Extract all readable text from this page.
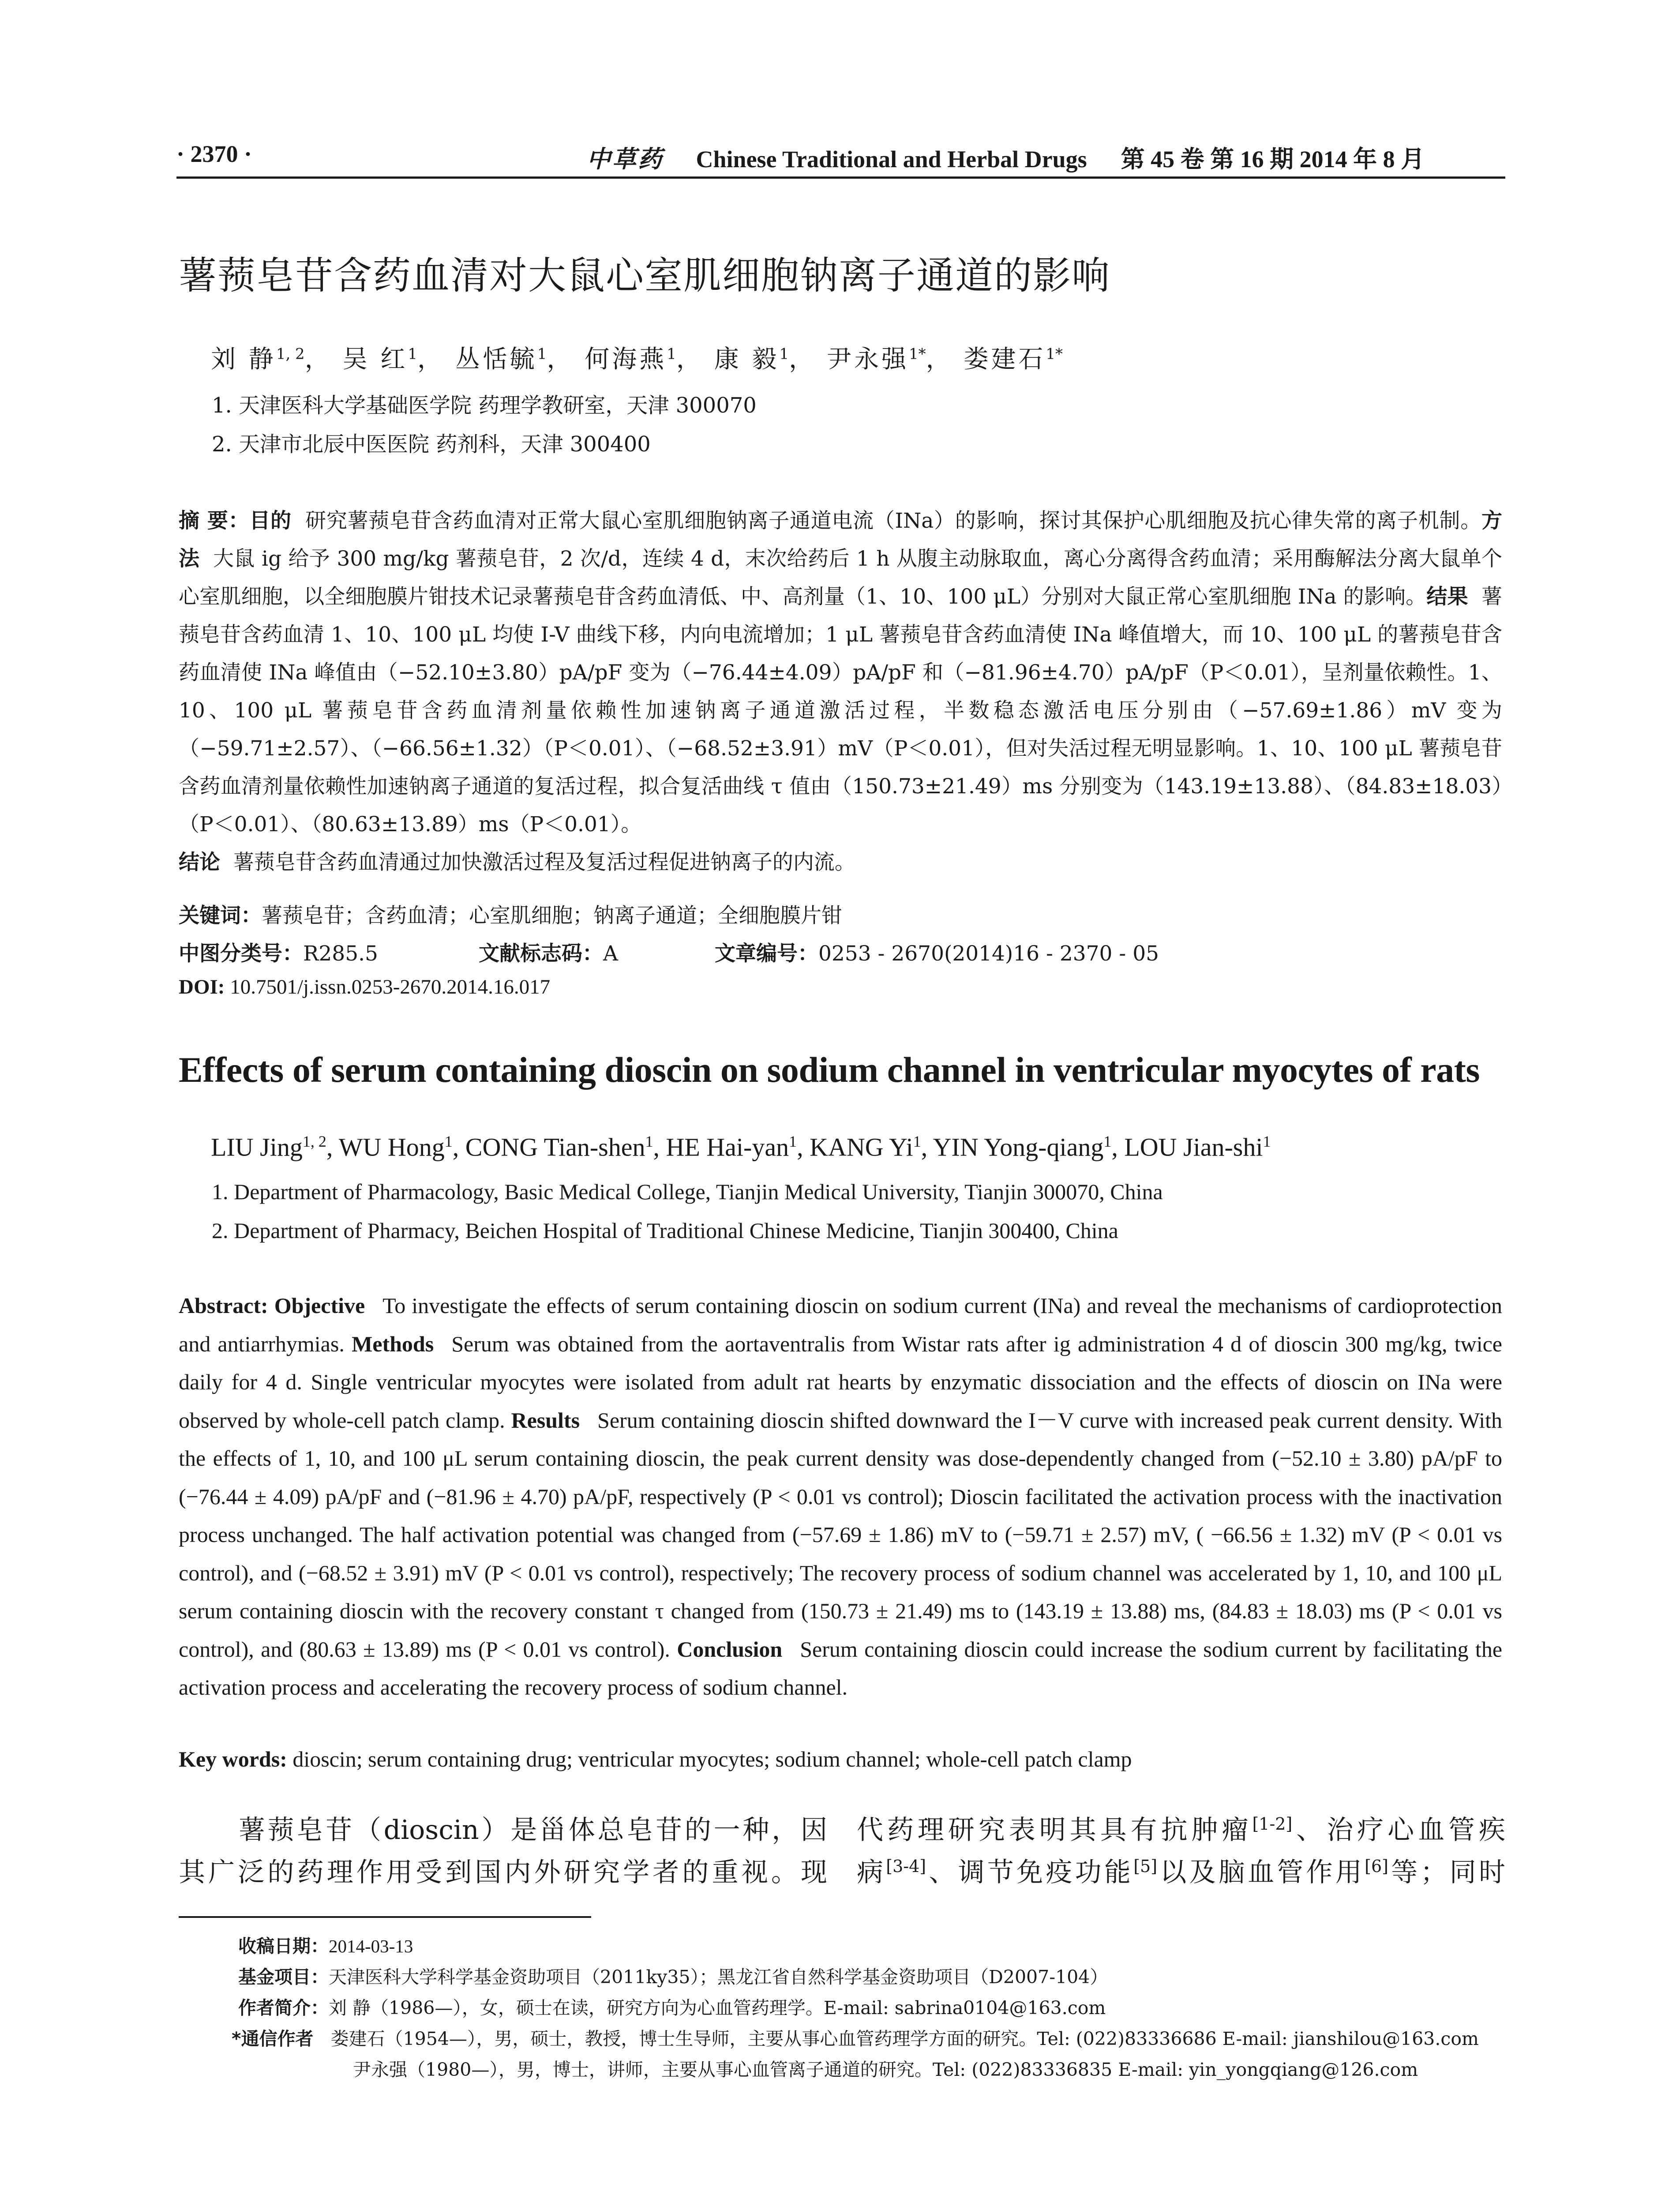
· 2370 ·	中草药 Chinese Traditional and Herbal Drugs 第 45 卷 第 16 期 2014 年 8 月
薯蓣皂苷含药血清对大鼠心室肌细胞钠离子通道的影响
刘 静$^{1, 2}$， 吴 红$^1$， 丛恬毓$^1$， 何海燕$^1$， 康 毅$^1$， 尹永强$^{1*}$， 娄建石$^{1*}$
1. 天津医科大学基础医学院 药理学教研室，天津 300070
2. 天津市北辰中医医院 药剂科，天津 300400
摘 要：目的 研究薯蓣皂苷含药血清对正常大鼠心室肌细胞钠离子通道电流（INa）的影响，探讨其保护心肌细胞及抗心律失常的离子机制。方法 大鼠 ig 给予 300 mg/kg 薯蓣皂苷，2 次/d，连续 4 d，末次给药后 1 h 从腹主动脉取血，离心分离得含药血清；采用酶解法分离大鼠单个心室肌细胞，以全细胞膜片钳技术记录薯蓣皂苷含药血清低、中、高剂量（1、10、100 μL）分别对大鼠正常心室肌细胞 INa 的影响。结果 薯蓣皂苷含药血清 1、10、100 μL 均使 I-V 曲线下移，内向电流增加；1 μL 薯蓣皂苷含药血清使 INa 峰值增大，而 10、100 μL 的薯蓣皂苷含药血清使 INa 峰值由（−52.10±3.80）pA/pF 变为（−76.44±4.09）pA/pF 和（−81.96±4.70）pA/pF（P＜0.01），呈剂量依赖性。1、10、100 μL 薯蓣皂苷含药血清剂量依赖性加速钠离子通道激活过程，半数稳态激活电压分别由（−57.69±1.86）mV 变为（−59.71±2.57）、（−66.56±1.32）（P＜0.01）、（−68.52±3.91）mV（P＜0.01），但对失活过程无明显影响。1、10、100 μL 薯蓣皂苷含药血清剂量依赖性加速钠离子通道的复活过程，拟合复活曲线 τ 值由（150.73±21.49）ms 分别变为（143.19±13.88）、（84.83±18.03）（P＜0.01）、（80.63±13.89）ms（P＜0.01）。
结论 薯蓣皂苷含药血清通过加快激活过程及复活过程促进钠离子的内流。
关键词：薯蓣皂苷；含药血清；心室肌细胞；钠离子通道；全细胞膜片钳
中图分类号：R285.5	文献标志码：A	文章编号：0253 - 2670(2014)16 - 2370 - 05
DOI: 10.7501/j.issn.0253-2670.2014.16.017
Effects of serum containing dioscin on sodium channel in ventricular myocytes of rats
LIU Jing$^{1, 2}$, WU Hong$^1$, CONG Tian-shen$^1$, HE Hai-yan$^1$, KANG Yi$^1$, YIN Yong-qiang$^1$, LOU Jian-shi$^1$
1. Department of Pharmacology, Basic Medical College, Tianjin Medical University, Tianjin 300070, China
2. Department of Pharmacy, Beichen Hospital of Traditional Chinese Medicine, Tianjin 300400, China
Abstract: Objective To investigate the effects of serum containing dioscin on sodium current (INa) and reveal the mechanisms of cardioprotection and antiarrhymias. Methods Serum was obtained from the aortaventralis from Wistar rats after ig administration 4 d of dioscin 300 mg/kg, twice daily for 4 d. Single ventricular myocytes were isolated from adult rat hearts by enzymatic dissociation and the effects of dioscin on INa were observed by whole-cell patch clamp. Results Serum containing dioscin shifted downward the I－V curve with increased peak current density. With the effects of 1, 10, and 100 μL serum containing dioscin, the peak current density was dose-dependently changed from (−52.10 ± 3.80) pA/pF to (−76.44 ± 4.09) pA/pF and (−81.96 ± 4.70) pA/pF, respectively (P < 0.01 vs control); Dioscin facilitated the activation process with the inactivation process unchanged. The half activation potential was changed from (−57.69 ± 1.86) mV to (−59.71 ± 2.57) mV, ( −66.56 ± 1.32) mV (P < 0.01 vs control), and (−68.52 ± 3.91) mV (P < 0.01 vs control), respectively; The recovery process of sodium channel was accelerated by 1, 10, and 100 μL serum containing dioscin with the recovery constant τ changed from (150.73 ± 21.49) ms to (143.19 ± 13.88) ms, (84.83 ± 18.03) ms (P < 0.01 vs control), and (80.63 ± 13.89) ms (P < 0.01 vs control). Conclusion Serum containing dioscin could increase the sodium current by facilitating the activation process and accelerating the recovery process of sodium channel.
Key words: dioscin; serum containing drug; ventricular myocytes; sodium channel; whole-cell patch clamp
薯蓣皂苷（dioscin）是甾体总皂苷的一种，因
其广泛的药理作用受到国内外研究学者的重视。现
代药理研究表明其具有抗肿瘤[1-2]、治疗心血管疾
病[3-4]、调节免疫功能[5]以及脑血管作用[6]等；同时
收稿日期：2014-03-13
基金项目：天津医科大学科学基金资助项目（2011ky35）；黑龙江省自然科学基金资助项目（D2007-104）
作者简介：刘 静（1986—），女，硕士在读，研究方向为心血管药理学。E-mail: sabrina0104@163.com
*通信作者 娄建石（1954—），男，硕士，教授，博士生导师，主要从事心血管药理学方面的研究。Tel: (022)83336686 E-mail: jianshilou@163.com
尹永强（1980—），男，博士，讲师，主要从事心血管离子通道的研究。Tel: (022)83336835 E-mail: yin_yongqiang@126.com
